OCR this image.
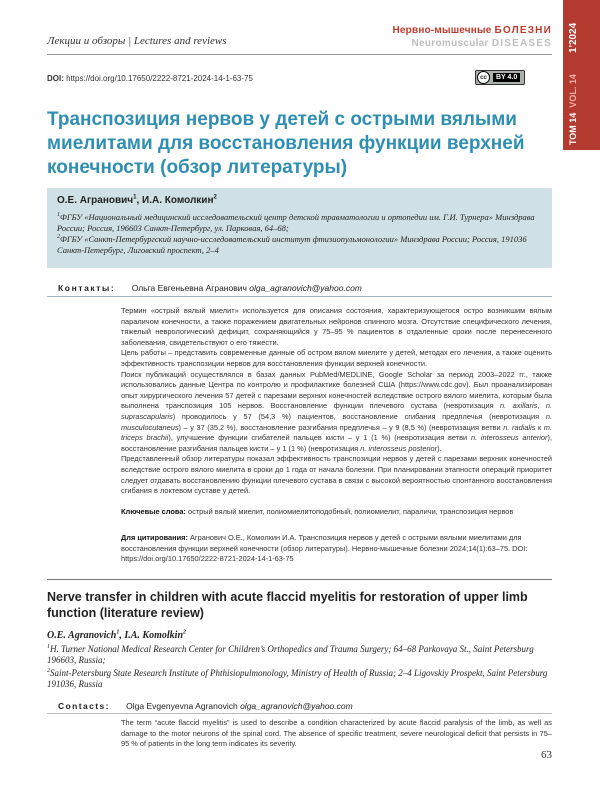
Лекции и обзоры | Lectures and reviews
Нервно-мышечные БОЛЕЗНИ
Neuromuscular DISEASES 1'2024
ТОМ 14  VOL. 14
DOI: https://doi.org/10.17650/2222-8721-2024-14-1-63-75	cc	BY 4.0
Транспозиция нервов у детей с острыми вялыми миелитами для восстановления функции верхней конечности (обзор литературы)
О.Е. Агранович$^1$, И.А. Комолкин$^2$
$^1$ФГБУ «Национальный медицинский исследовательский центр детской травматологии и ортопедии им. Г.И. Турнера» Минздрава России; Россия, 196603 Санкт-Петербург, ул. Парковая, 64–68;
$^2$ФГБУ «Санкт-Петербургский научно-исследовательский институт фтизиопульмонологии» Минздрава России; Россия, 191036 Санкт-Петербург, Лиговский проспект, 2–4
Контакты: Ольга Евгеньевна Агранович olga_agranovich@yahoo.com

Термин «острый вялый миелит» используется для описания состояния, характеризующегося остро возникшим вялым параличом конечности, а также поражением двигательных нейронов спинного мозга. Отсутствие специфического лечения, тяжелый неврологический дефицит, сохраняющийся у 75–95 % пациентов в отдаленные сроки после перенесенного заболевания, свидетельствуют о его тяжести.

Цель работы – представить современные данные об остром вялом миелите у детей, методах его лечения, а также оценить эффективность транспозиции нервов для восстановления функции верхней конечности.

Поиск публикаций осуществлялся в базах данных PubMed/MEDLINE, Google Scholar за период 2003–2022 гг., также использовались данные Центра по контролю и профилактике болезней США (https://www.cdc.gov). Был проанализирован опыт хирургического лечения 57 детей с парезами верхних конечностей вследствие острого вялого миелита, которым была выполнена транспозиция 105 нервов. Восстановление функции плечевого сустава (невротизация n. axillaris, n. suprascapularis) проводилось у 57 (54,3 %) пациентов, восстановление сгибания предплечья (невротизация n. musculocutaneus) – у 37 (35,2 %), восстановление разгибания предплечья – у 9 (8,5 %) (невротизация ветви n. radialis к m. triceps brachii), улучшение функции сгибателей пальцев кисти – у 1 (1 %) (невротизация ветви n. interosseus anterior), восстановление разгибания пальцев кисти – у 1 (1 %) (невротизация n. interosseus posterior).

Представленный обзор литературы показал эффективность транспозиции нервов у детей с парезами верхних конечностей вследствие острого вялого миелита в сроки до 1 года от начала болезни. При планировании этапности операций приоритет следует отдавать восстановлению функции плечевого сустава в связи с высокой вероятностью спонтанного восстановления сгибания в локтевом суставе у детей.

Ключевые слова: острый вялый миелит, полиомиелитоподобный, полиомиелит, параличи, транспозиция нервов
Для цитирования: Агранович О.Е., Комолкин И.А. Транспозиция нервов у детей с острыми вялыми миелитами для восстановления функции верхней конечности (обзор литературы). Нервно-мышечные болезни 2024;14(1):63–75. DOI: https://doi.org/10.17650/2222-8721-2024-14-1-63-75
Nerve transfer in children with acute flaccid myelitis for restoration of upper limb function (literature review)
O.E. Agranovich$^1$, I.A. Komolkin$^2$

$^1$H. Turner National Medical Research Center for Children’s Orthopedics and Trauma Surgery; 64–68 Parkovaya St., Saint Petersburg 196603, Russia;

$^2$Saint-Petersburg State Research Institute of Phthisiopulmonology, Ministry of Health of Russia; 2–4 Ligovskiy Prospekt, Saint Petersburg 191036, Russia

Contacts: Olga Evgenyevna Agranovich olga_agranovich@yahoo.com

The term “acute flaccid myelitis” is used to describe a condition characterized by acute flaccid paralysis of the limb, as well as damage to the motor neurons of the spinal cord. The absence of specific treatment, severe neurological deficit that persists in 75–95 % of patients in the long term indicates its severity.

63
